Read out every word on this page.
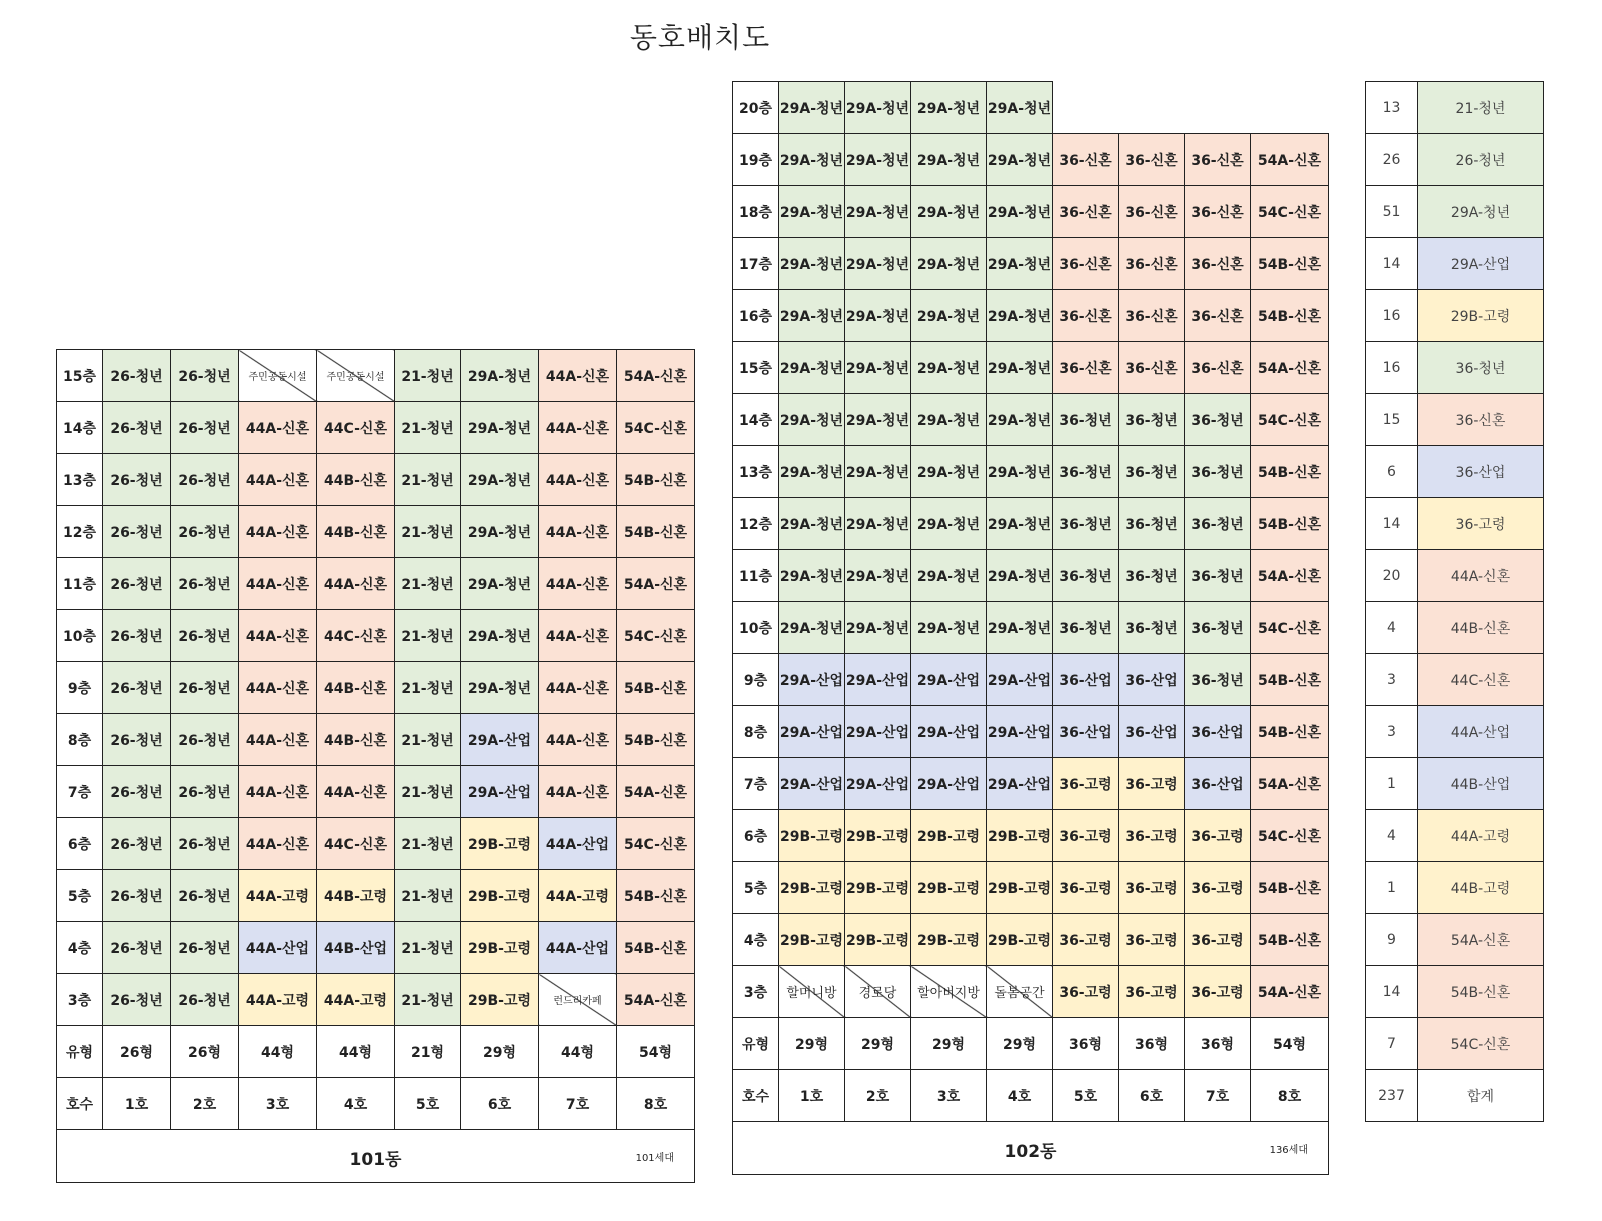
동호배치도
15층	26-청년	26-청년	주민공동시설	주민공동시설	21-청년	29A-청년	44A-신혼	54A-신혼
14층	26-청년	26-청년	44A-신혼	44C-신혼	21-청년	29A-청년	44A-신혼	54C-신혼
13층	26-청년	26-청년	44A-신혼	44B-신혼	21-청년	29A-청년	44A-신혼	54B-신혼
12층	26-청년	26-청년	44A-신혼	44B-신혼	21-청년	29A-청년	44A-신혼	54B-신혼
11층	26-청년	26-청년	44A-신혼	44A-신혼	21-청년	29A-청년	44A-신혼	54A-신혼
10층	26-청년	26-청년	44A-신혼	44C-신혼	21-청년	29A-청년	44A-신혼	54C-신혼
9층	26-청년	26-청년	44A-신혼	44B-신혼	21-청년	29A-청년	44A-신혼	54B-신혼
8층	26-청년	26-청년	44A-신혼	44B-신혼	21-청년	29A-산업	44A-신혼	54B-신혼
7층	26-청년	26-청년	44A-신혼	44A-신혼	21-청년	29A-산업	44A-신혼	54A-신혼
6층	26-청년	26-청년	44A-신혼	44C-신혼	21-청년	29B-고령	44A-산업	54C-신혼
5층	26-청년	26-청년	44A-고령	44B-고령	21-청년	29B-고령	44A-고령	54B-신혼
4층	26-청년	26-청년	44A-산업	44B-산업	21-청년	29B-고령	44A-산업	54B-신혼
3층	26-청년	26-청년	44A-고령	44A-고령	21-청년	29B-고령	런드리카페	54A-신혼
유형	26형	26형	44형	44형	21형	29형	44형	54형
호수	1호	2호	3호	4호	5호	6호	7호	8호

101동 101세대								
20층	29A-청년	29A-청년	29A-청년	29A-청년				
19층	29A-청년	29A-청년	29A-청년	29A-청년	36-신혼	36-신혼	36-신혼	54A-신혼
18층	29A-청년	29A-청년	29A-청년	29A-청년	36-신혼	36-신혼	36-신혼	54C-신혼
17층	29A-청년	29A-청년	29A-청년	29A-청년	36-신혼	36-신혼	36-신혼	54B-신혼
16층	29A-청년	29A-청년	29A-청년	29A-청년	36-신혼	36-신혼	36-신혼	54B-신혼
15층	29A-청년	29A-청년	29A-청년	29A-청년	36-신혼	36-신혼	36-신혼	54A-신혼
14층	29A-청년	29A-청년	29A-청년	29A-청년	36-청년	36-청년	36-청년	54C-신혼
13층	29A-청년	29A-청년	29A-청년	29A-청년	36-청년	36-청년	36-청년	54B-신혼
12층	29A-청년	29A-청년	29A-청년	29A-청년	36-청년	36-청년	36-청년	54B-신혼
11층	29A-청년	29A-청년	29A-청년	29A-청년	36-청년	36-청년	36-청년	54A-신혼
10층	29A-청년	29A-청년	29A-청년	29A-청년	36-청년	36-청년	36-청년	54C-신혼
9층	29A-산업	29A-산업	29A-산업	29A-산업	36-산업	36-산업	36-청년	54B-신혼
8층	29A-산업	29A-산업	29A-산업	29A-산업	36-산업	36-산업	36-산업	54B-신혼
7층	29A-산업	29A-산업	29A-산업	29A-산업	36-고령	36-고령	36-산업	54A-신혼
6층	29B-고령	29B-고령	29B-고령	29B-고령	36-고령	36-고령	36-고령	54C-신혼
5층	29B-고령	29B-고령	29B-고령	29B-고령	36-고령	36-고령	36-고령	54B-신혼
4층	29B-고령	29B-고령	29B-고령	29B-고령	36-고령	36-고령	36-고령	54B-신혼
3층	할머니방	경로당	할아버지방	돌봄공간	36-고령	36-고령	36-고령	54A-신혼
유형	29형	29형	29형	29형	36형	36형	36형	54형
호수	1호	2호	3호	4호	5호	6호	7호	8호

102동 136세대								
13	21-청년
26	26-청년
51	29A-청년
14	29A-산업
16	29B-고령
16	36-청년
15	36-신혼
6	36-산업
14	36-고령
20	44A-신혼
4	44B-신혼
3	44C-신혼
3	44A-산업
1	44B-산업
4	44A-고령
1	44B-고령
9	54A-신혼
14	54B-신혼
7	54C-신혼
237	합계
